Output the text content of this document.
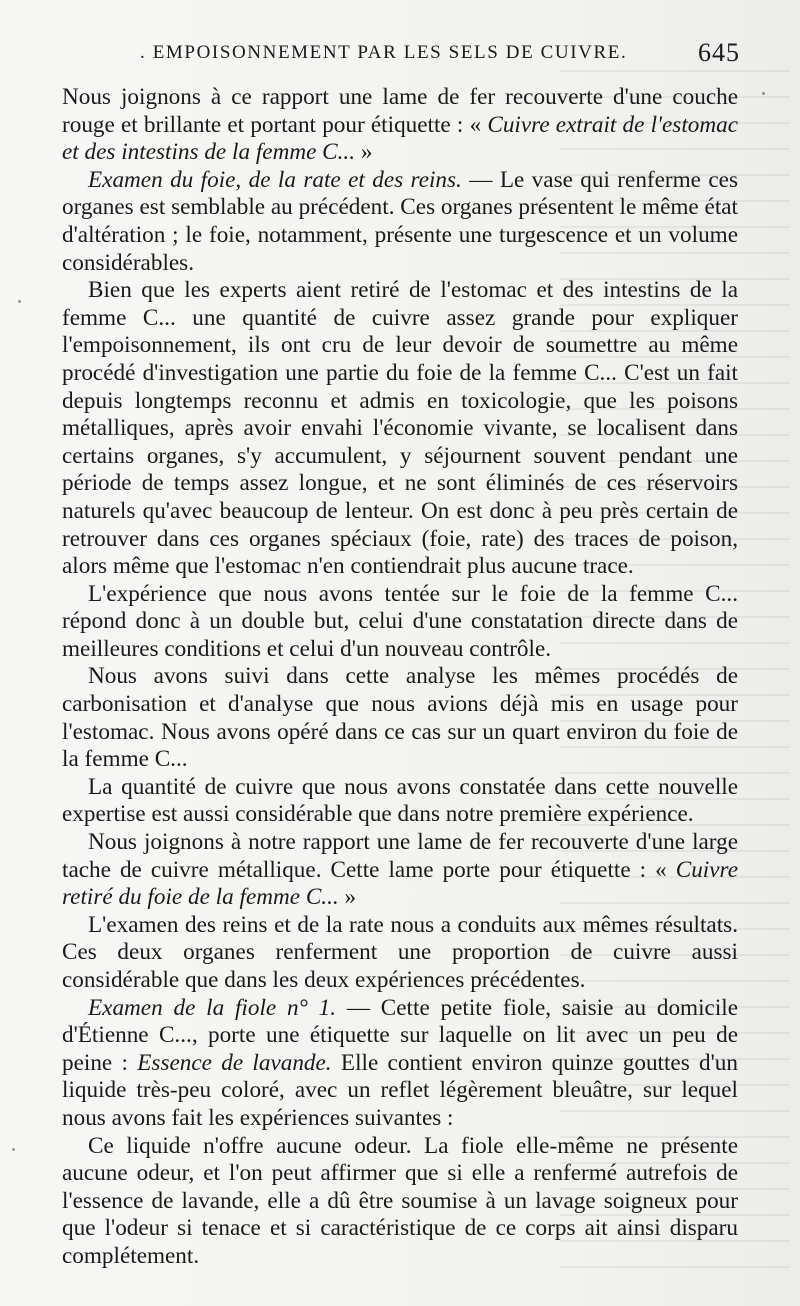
. EMPOISONNEMENT PAR LES SELS DE CUIVRE.	645

Nous joignons à ce rapport une lame de fer recouverte d'une couche rouge et brillante et portant pour étiquette : « Cuivre extrait de l'estomac et des intestins de la femme C... »

Examen du foie, de la rate et des reins. — Le vase qui renferme ces organes est semblable au précédent. Ces organes présentent le même état d'altération ; le foie, notamment, présente une turgescence et un volume considérables.

Bien que les experts aient retiré de l'estomac et des intestins de la femme C... une quantité de cuivre assez grande pour expliquer l'empoisonnement, ils ont cru de leur devoir de soumettre au même procédé d'investigation une partie du foie de la femme C... C'est un fait depuis longtemps reconnu et admis en toxicologie, que les poisons métalliques, après avoir envahi l'économie vivante, se localisent dans certains organes, s'y accumulent, y séjournent souvent pendant une période de temps assez longue, et ne sont éliminés de ces réservoirs naturels qu'avec beaucoup de lenteur. On est donc à peu près certain de retrouver dans ces organes spéciaux (foie, rate) des traces de poison, alors même que l'estomac n'en contiendrait plus aucune trace.

L'expérience que nous avons tentée sur le foie de la femme C... répond donc à un double but, celui d'une constatation directe dans de meilleures conditions et celui d'un nouveau contrôle.

Nous avons suivi dans cette analyse les mêmes procédés de carbonisation et d'analyse que nous avions déjà mis en usage pour l'estomac. Nous avons opéré dans ce cas sur un quart environ du foie de la femme C...

La quantité de cuivre que nous avons constatée dans cette nouvelle expertise est aussi considérable que dans notre première expérience.

Nous joignons à notre rapport une lame de fer recouverte d'une large tache de cuivre métallique. Cette lame porte pour étiquette : « Cuivre retiré du foie de la femme C... »

L'examen des reins et de la rate nous a conduits aux mêmes résultats. Ces deux organes renferment une proportion de cuivre aussi considérable que dans les deux expériences précédentes.

Examen de la fiole n° 1. — Cette petite fiole, saisie au domicile d'Étienne C..., porte une étiquette sur laquelle on lit avec un peu de peine : Essence de lavande. Elle contient environ quinze gouttes d'un liquide très-peu coloré, avec un reflet légèrement bleuâtre, sur lequel nous avons fait les expériences suivantes :

Ce liquide n'offre aucune odeur. La fiole elle-même ne présente aucune odeur, et l'on peut affirmer que si elle a renfermé autrefois de l'essence de lavande, elle a dû être soumise à un lavage soigneux pour que l'odeur si tenace et si caractéristique de ce corps ait ainsi disparu complétement.
